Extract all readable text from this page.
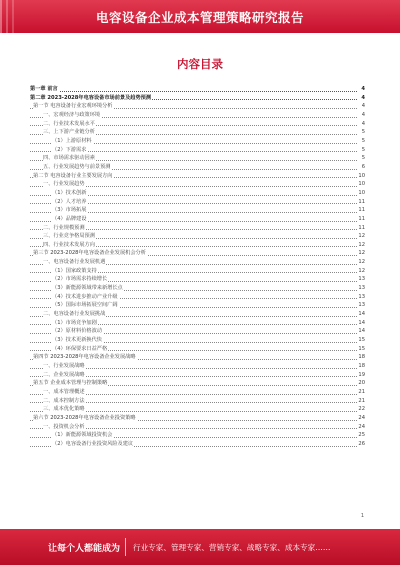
电容设备企业成本管理策略研究报告
内容目录
第一章 前言	4
第二章 2023-2028年电容设备市场前景及趋势预测	4
第一节 电容设备行业宏观环境分析	4
一、宏观经济与政策环境	4
二、行业技术发展水平	4
三、上下游产业链分析	5
（1）上游原材料	5
（2）下游需求	5
四、市场需求驱动因素	5
五、行业发展趋势与前景预测	6
第二节 电容设备行业主要发展方向	10
一、行业发展趋势	10
（1）技术创新	10
（2）人才培养	11
（3）市场拓展	11
（4）品牌建设	11
二、行业规模预测	11
三、行业竞争格局预测	12
四、行业技术发展方向	12
第三节 2023-2028年电容设备企业发展机会分析	12
一、电容设备行业发展机遇	12
（1）国家政策支持	12
（2）市场需求持续增长	13
（3）新能源领域带来新增长点	13
（4）技术进步推动产业升级	13
（5）国际市场拓展空间广阔	13
二、电容设备行业发展挑战	14
（1）市场竞争加剧	14
（2）原材料价格波动	14
（3）技术更新换代快	15
（4）环保要求日益严格	15
第四节 2023-2028年电容设备企业发展战略	18
一、行业发展战略	18
二、企业发展战略	19
第五节 企业成本管理与控制策略	20
一、成本管理概述	21
二、成本控制方法	21
三、成本优化策略	22
第六节 2023-2028年电容设备企业投资策略	24
一、投资机会分析	24
（1）新能源领域投资机会	25
（2）电容设备行业投资风险及建议	26
1
让每个人都能成为 行业专家、管理专家、营销专家、战略专家、成本专家……
